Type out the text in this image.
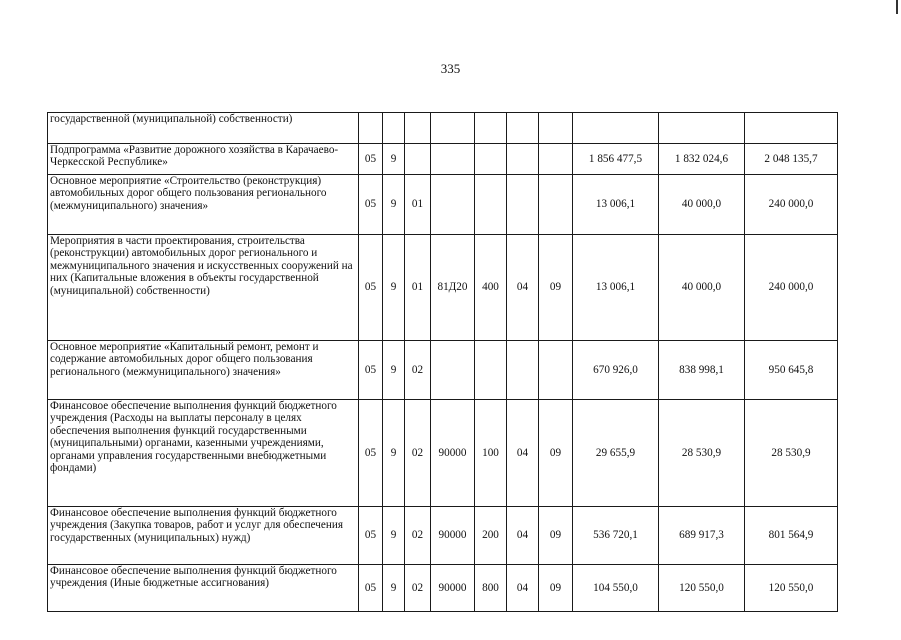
335
государственной (муниципальной) собственности)										
Подпрограмма «Развитие дорожного хозяйства в Карачаево-Черкесской Республике»	05	9						1 856 477,5	1 832 024,6	2 048 135,7
Основное мероприятие «Строительство (реконструкция) автомобильных дорог общего пользования регионального (межмуниципального) значения»	05	9	01					13 006,1	40 000,0	240 000,0
Мероприятия в части проектирования, строительства (реконструкции) автомобильных дорог регионального и межмуниципального значения и искусственных сооружений на них (Капитальные вложения в объекты государственной (муниципальной) собственности)	05	9	01	81Д20	400	04	09	13 006,1	40 000,0	240 000,0
Основное мероприятие «Капитальный ремонт, ремонт и содержание автомобильных дорог общего пользования регионального (межмуниципального) значения»	05	9	02					670 926,0	838 998,1	950 645,8
Финансовое обеспечение выполнения функций бюджетного учреждения (Расходы на выплаты персоналу в целях обеспечения выполнения функций государственными (муниципальными) органами, казенными учреждениями, органами управления государственными внебюджетными фондами)	05	9	02	90000	100	04	09	29 655,9	28 530,9	28 530,9
Финансовое обеспечение выполнения функций бюджетного учреждения (Закупка товаров, работ и услуг для обеспечения государственных (муниципальных) нужд)	05	9	02	90000	200	04	09	536 720,1	689 917,3	801 564,9
Финансовое обеспечение выполнения функций бюджетного учреждения (Иные бюджетные ассигнования)	05	9	02	90000	800	04	09	104 550,0	120 550,0	120 550,0
